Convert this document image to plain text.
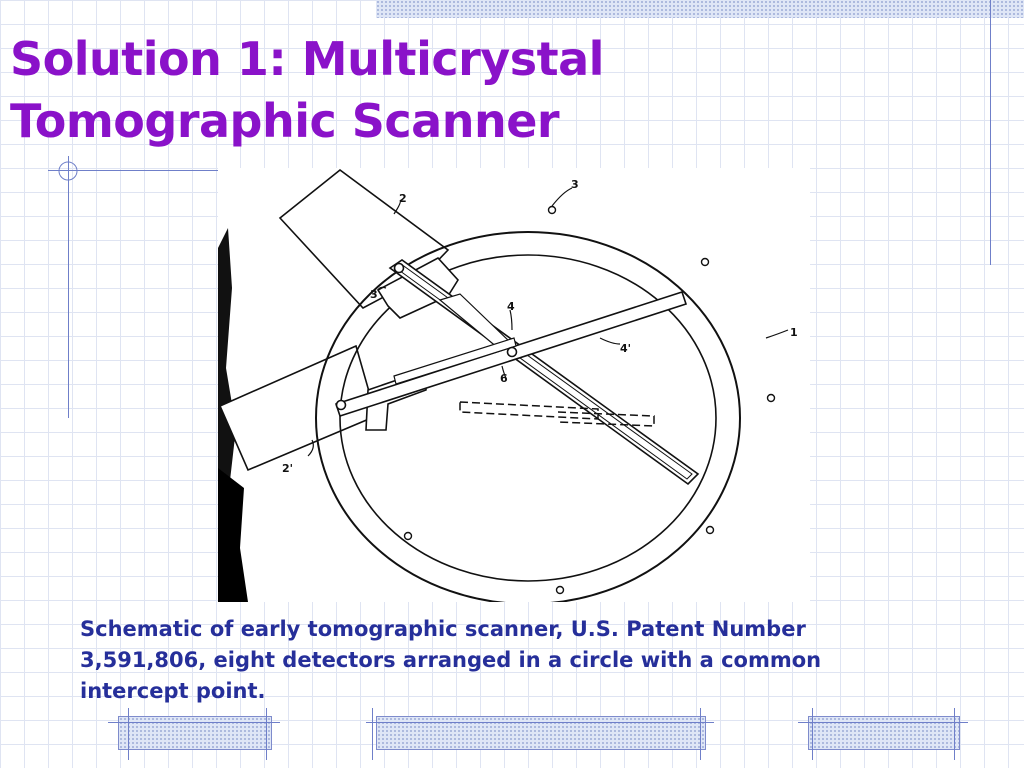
Solution 1: Multicrystal
Tomographic Scanner
2
3
1
3
4
4'
6
2'
Schematic of early tomographic scanner, U.S. Patent Number 3,591,806, eight detectors arranged in a circle with a common intercept point.
